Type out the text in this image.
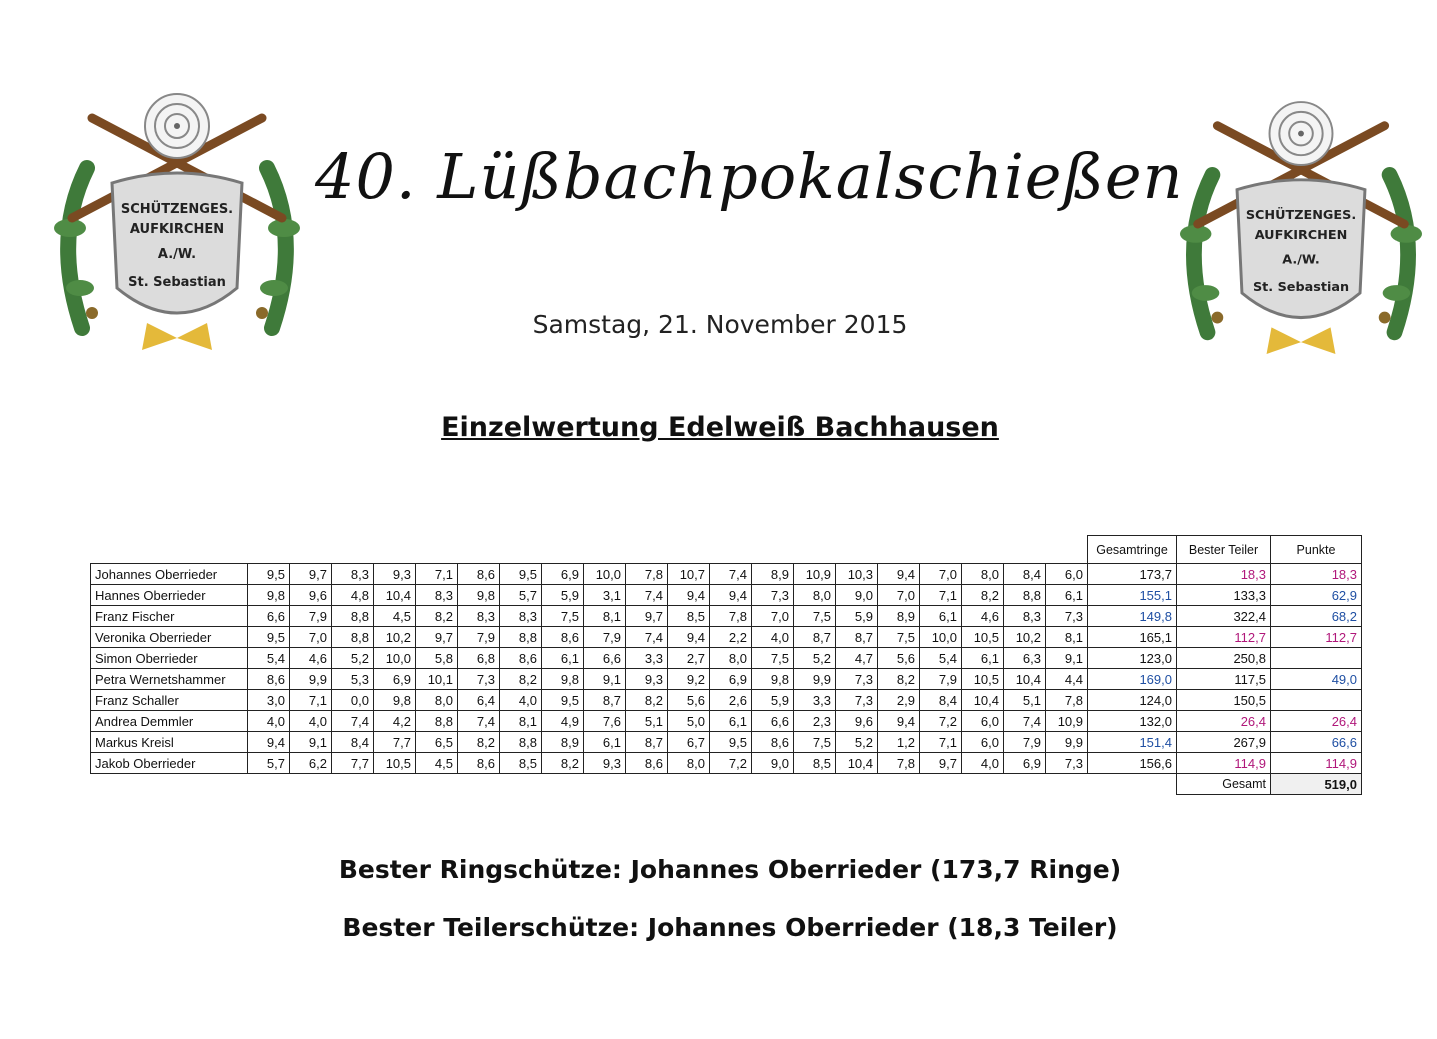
SCHÜTZENGES.
AUFKIRCHEN
A./W.
St. Sebastian
SCHÜTZENGES.
AUFKIRCHEN
A./W.
St. Sebastian
40. Lüßbachpokalschießen
Samstag, 21. November 2015
Einzelwertung Edelweiß Bachhausen
																					Gesamtringe	Bester Teiler	Punkte
Johannes Oberrieder	9,5	9,7	8,3	9,3	7,1	8,6	9,5	6,9	10,0	7,8	10,7	7,4	8,9	10,9	10,3	9,4	7,0	8,0	8,4	6,0	173,7	18,3	18,3
Hannes Oberrieder	9,8	9,6	4,8	10,4	8,3	9,8	5,7	5,9	3,1	7,4	9,4	9,4	7,3	8,0	9,0	7,0	7,1	8,2	8,8	6,1	155,1	133,3	62,9
Franz Fischer	6,6	7,9	8,8	4,5	8,2	8,3	8,3	7,5	8,1	9,7	8,5	7,8	7,0	7,5	5,9	8,9	6,1	4,6	8,3	7,3	149,8	322,4	68,2
Veronika Oberrieder	9,5	7,0	8,8	10,2	9,7	7,9	8,8	8,6	7,9	7,4	9,4	2,2	4,0	8,7	8,7	7,5	10,0	10,5	10,2	8,1	165,1	112,7	112,7
Simon Oberrieder	5,4	4,6	5,2	10,0	5,8	6,8	8,6	6,1	6,6	3,3	2,7	8,0	7,5	5,2	4,7	5,6	5,4	6,1	6,3	9,1	123,0	250,8	
Petra Wernetshammer	8,6	9,9	5,3	6,9	10,1	7,3	8,2	9,8	9,1	9,3	9,2	6,9	9,8	9,9	7,3	8,2	7,9	10,5	10,4	4,4	169,0	117,5	49,0
Franz Schaller	3,0	7,1	0,0	9,8	8,0	6,4	4,0	9,5	8,7	8,2	5,6	2,6	5,9	3,3	7,3	2,9	8,4	10,4	5,1	7,8	124,0	150,5	
Andrea Demmler	4,0	4,0	7,4	4,2	8,8	7,4	8,1	4,9	7,6	5,1	5,0	6,1	6,6	2,3	9,6	9,4	7,2	6,0	7,4	10,9	132,0	26,4	26,4
Markus Kreisl	9,4	9,1	8,4	7,7	6,5	8,2	8,8	8,9	6,1	8,7	6,7	9,5	8,6	7,5	5,2	1,2	7,1	6,0	7,9	9,9	151,4	267,9	66,6
Jakob Oberrieder	5,7	6,2	7,7	10,5	4,5	8,6	8,5	8,2	9,3	8,6	8,0	7,2	9,0	8,5	10,4	7,8	9,7	4,0	6,9	7,3	156,6	114,9	114,9
																						Gesamt	519,0
Bester Ringschütze: Johannes Oberrieder (173,7 Ringe)
Bester Teilerschütze: Johannes Oberrieder (18,3 Teiler)
